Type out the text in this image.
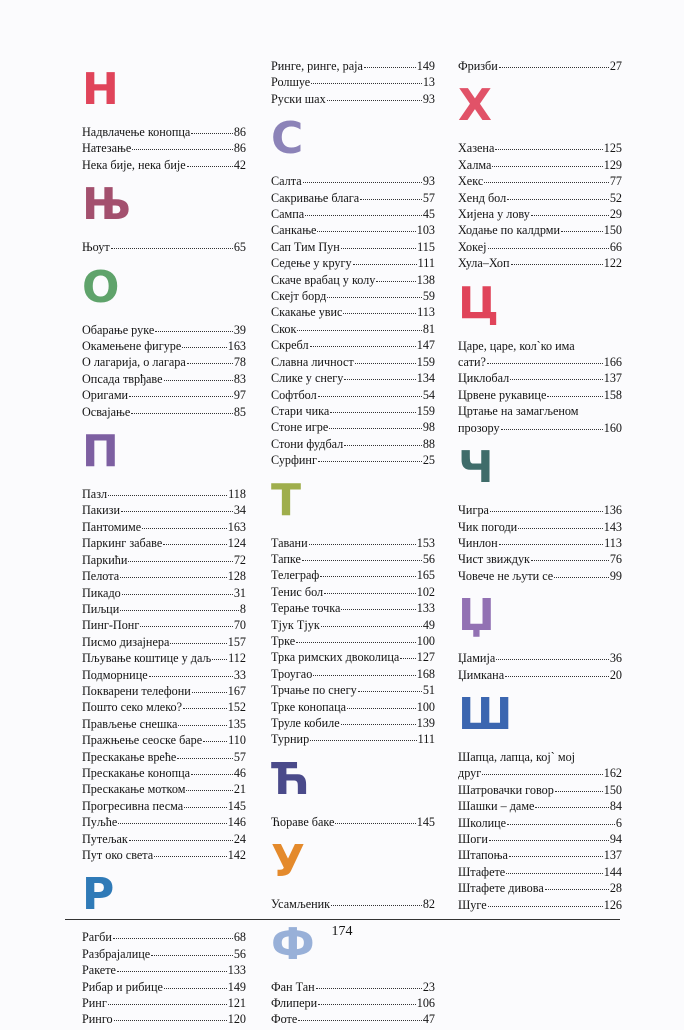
Н
Надвлачење конопца	86
Натезање	86
Нека бије, нека бије	42
Њ
Њоут	65
О
Обарање руке	39
Окамењене фигуре	163
О лагарија, о лагара	78
Опсада тврђаве	83
Оригами	97
Освајање	85
П
Пазл	118
Пакизи	34
Пантомиме	163
Паркинг забаве	124
Паркићи	72
Пелота	128
Пикадо	31
Пиљци	8
Пинг-Понг	70
Писмо дизајнера	157
Пљување коштице у даљ 112
Подморнице	33
Покварени телефони	167
Пошто секо млеко?	152
Прављење снешка	135
Прaжњење сеоске баре 110
Прескакање врeће	57
Прескакање конопца	46
Прескакање мотком	21
Прогресивна песма	145
Пуљће	146
Путељак	24
Пут око света	142
Р
Рагби	68
Разбрајалице	56
Ракете	133
Рибар и рибице	149
Ринг	121
Ринго	120
Ринге, ринге, раја	149
Ролшуе	13
Руски шах	93
С
Салта	93
Сакривање блага	57
Сампа	45
Санкање	103
Сап Тим Пун	115
Седење у кругу	111
Скаче врабац у колу	138
Скејт борд	59
Скакање увис	113
Скок	81
Скребл	147
Славна личност	159
Слике у снегу	134
Софтбол	54
Стари чика	159
Стоне игре	98
Стони фудбал	88
Сурфинг	25
Т
Тавани	153
Тапке	56
Телеграф	165
Тенис бол	102
Терање точка	133
Тјук Тјук	49
Трке	100
Трка римских двоколица 127
Троугао	168
Трчање по снегу	51
Трке конопаца	100
Труле кобиле	139
Турнир	111
Ћ
Ћораве баке	145
У
Усамљеник	82
Ф
Фан Тан	23
Флипери	106
Фоте	47
Фризби	27
Х
Хазена	125
Халма	129
Хекс	77
Хенд бол	52
Хијена у лову	29
Ходање по калдрми	150
Хокеј	66
Хула–Хоп	122
Ц
Царе, царе, кол`ко има
сати?	166
Циклобал	137
Црвене рукавице	158
Цртање на замагљеном
прозору	160
Ч
Чигра	136
Чик погоди	143
Чинлон	113
Чист звиждук	76
Човече не љути се	99
Џ
Џамија	36
Џимкана	20
Ш
Шапца, лапца, кој` мој
друг	162
Шатровачки говор	150
Шашки – даме	84
Школице	6
Шоги	94
Штапоња	137
Штафете	144
Штафете дивова	28
Шуге	126
174
